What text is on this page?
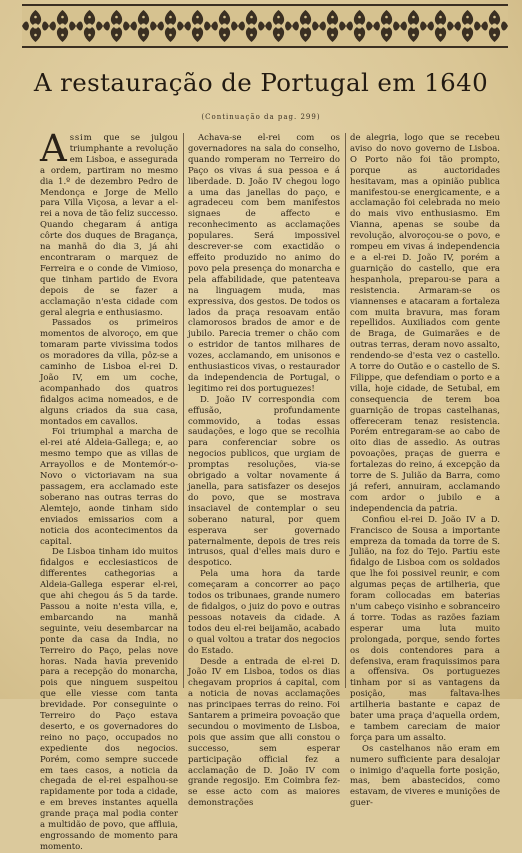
A restauração de Portugal em 1640
(Continuação da pag. 299)

Assim que se julgou triumphante a revolução em Lisboa, e assegurada a ordem, partiram no mesmo dia 1.º de dezembro Pedro de Mendonça e Jorge de Mello para Villa Viçosa, a levar a el-rei a nova de tão feliz successo. Quando chegaram á antiga côrte dos duques de Bragança, na manhã do dia 3, já ahi encontraram o marquez de Ferreira e o conde de Vimioso, que tinham partido de Evora depois de se fazer a acclamação n'esta cidade com geral alegria e enthusiasmo.

Passados os primeiros momentos de alvoroço, em que tomaram parte vivissima todos os moradores da villa, pôz-se a caminho de Lisboa el-rei D. João IV, em um coche, acompanhado dos quatros fidalgos acima nomeados, e de alguns criados da sua casa, montados em cavallos.

Foi triumphal a marcha de el-rei até Aldeia-Gallega; e, ao mesmo tempo que as villas de Arrayollos e de Montemór-o-Novo o victoriavam na sua passagem, era acclamado este soberano nas outras terras do Alemtejo, aonde tinham sido enviados emissarios com a noticia dos acontecimentos da capital.

De Lisboa tinham ido muitos fidalgos e ecclesiasticos de differentes cathegorias a Aldeia-Gallega esperar el-rei, que ahi chegou ás 5 da tarde. Passou a noite n'esta villa, e, embarcando na manhã seguinte, veiu desembarcar na ponte da casa da India, no Terreiro do Paço, pelas nove horas. Nada havia prevenido para a recepção do monarcha, pois que ninguem suspeitou que elle viesse com tanta brevidade. Por conseguinte o Terreiro do Paço estava deserto, e os governadores do reino no paço, occupados no expediente dos negocios. Porém, como sempre succede em taes casos, a noticia da chegada de el-rei espalhou-se rapidamente por toda a cidade, e em breves instantes aquella grande praça mal podia conter a multidão de povo, que affluia, engrossando de momento para momento.

Achava-se el-rei com os governadores na sala do conselho, quando romperam no Terreiro do Paço os vivas á sua pessoa e á liberdade. D. João IV chegou logo a uma das janellas do paço, e agradeceu com bem manifestos signaes de affecto e reconhecimento as acclamações populares. Será impossivel descrever-se com exactidão o effeito produzido no animo do povo pela presença do monarcha e pela affabilidade, que patenteava na linguagem muda, mas expressiva, dos gestos. De todos os lados da praça resoavam então clamorosos brados de amor e de jubilo. Parecia tremer o chão com o estridor de tantos milhares de vozes, acclamando, em unisonos e enthusiasticos vivas, o restaurador da independencia de Portugal, o legitimo rei dos portuguezes!

D. João IV correspondia com effusão, profundamente commovido, a todas essas saudações, e logo que se recolhia para conferenciar sobre os negocios publicos, que urgiam de promptas resoluções, via-se obrigado a voltar novamente á janella, para satisfazer os desejos do povo, que se mostrava insaciavel de contemplar o seu soberano natural, por quem esperava ser governado paternalmente, depois de tres reis intrusos, qual d'elles mais duro e despotico.

Pela uma hora da tarde começaram a concorrer ao paço todos os tribunaes, grande numero de fidalgos, o juiz do povo e outras pessoas notaveis da cidade. A todos deu el-rei beijamão, acabado o qual voltou a tratar dos negocios do Estado.

Desde a entrada de el-rei D. João IV em Lisboa, todos os dias chegavam proprios á capital, com a noticia de novas acclamações nas principaes terras do reino. Foi Santarem a primeira povoação que secundou o movimento de Lisboa, pois que assim que alli constou o successo, sem esperar participação official fez a acclamação de D. João IV com grande regosijo. Em Coimbra fez-se esse acto com as maiores demonstrações

de alegria, logo que se recebeu aviso do novo governo de Lisboa. O Porto não foi tão prompto, porque as auctoridades hesitavam, mas a opinião publica manifestou-se energicamente, e a acclamação foi celebrada no meio do mais vivo enthusiasmo. Em Vianna, apenas se soube da revolução, alvoroçou-se o povo, e rompeu em vivas á independencia e a el-rei D. João IV, porém a guarnição do castello, que era hespanhola, preparou-se para a resistencia. Armaram-se os viannenses e atacaram a fortaleza com muita bravura, mas foram repellidos. Auxiliados com gente de Braga, de Guimarães e de outras terras, deram novo assalto, rendendo-se d'esta vez o castello. A torre do Outão e o castello de S. Filippe, que defendiam o porto e a villa, hoje cidade, de Setubal, em consequencia de terem boa guarnição de tropas castelhanas, offereceram tenaz resistencia. Porém entregaram-se ao cabo de oito dias de assedio. As outras povoações, praças de guerra e fortalezas do reino, á excepção da torre de S. Julião da Barra, como já referi, annuiram, acclamando com ardor o jubilo e a independencia da patria.

Confiou el-rei D. João IV a D. Francisco de Sousa a importante empreza da tomada da torre de S. Julião, na foz do Tejo. Partiu este fidalgo de Lisboa com os soldados que lhe foi possivel reunir, e com algumas peças de artilheria, que foram collocadas em baterias n'um cabeço visinho e sobranceiro á torre. Todas as razões faziam esperar uma luta muito prolongada, porque, sendo fortes os dois contendores para a defensiva, eram fraquissimos para a offensiva. Os portuguezes tinham por si as vantagens da posição, mas faltava-lhes artilheria bastante e capaz de bater uma praça d'aquella ordem, e tambem careciam de maior força para um assalto.

Os castelhanos não eram em numero sufficiente para desalojar o inimigo d'aquella forte posição, mas, bem abastecidos, como estavam, de viveres e munições de guer-
